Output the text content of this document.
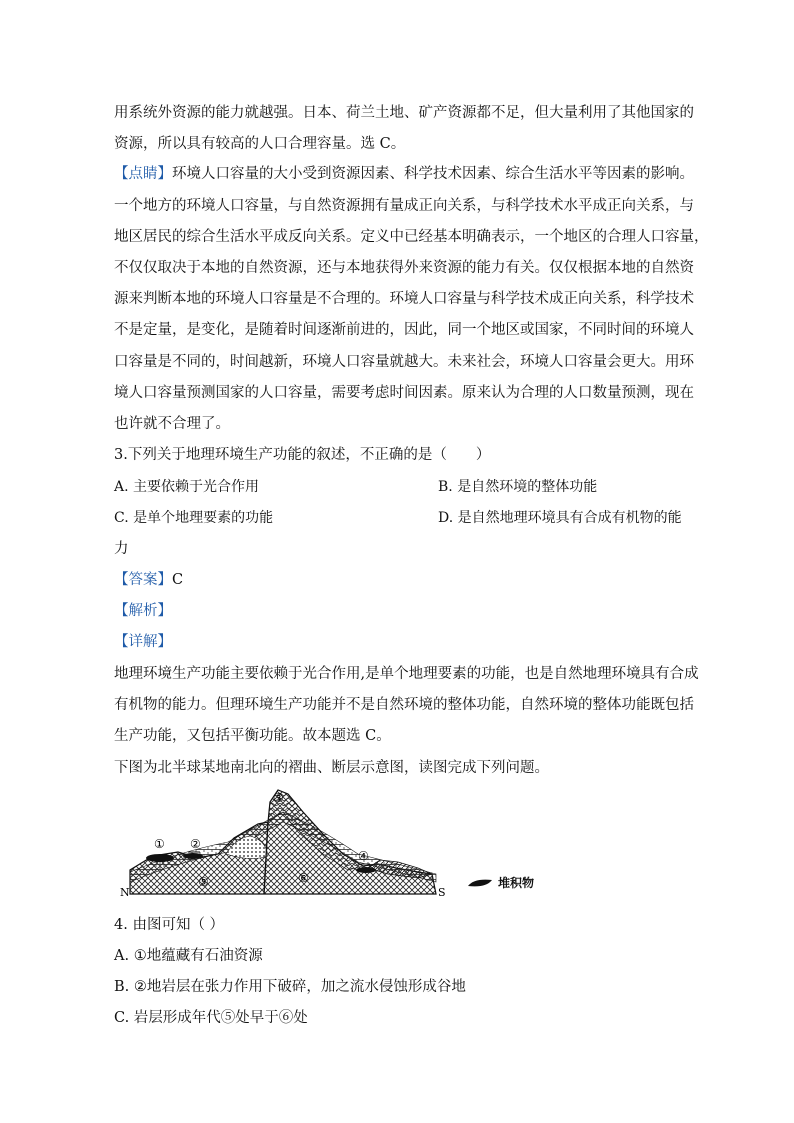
用系统外资源的能力就越强。日本、荷兰土地、矿产资源都不足，但大量利用了其他国家的
资源，所以具有较高的人口合理容量。选 C。
【点睛】环境人口容量的大小受到资源因素、科学技术因素、综合生活水平等因素的影响。
一个地方的环境人口容量，与自然资源拥有量成正向关系，与科学技术水平成正向关系，与
地区居民的综合生活水平成反向关系。定义中已经基本明确表示，一个地区的合理人口容量，
不仅仅取决于本地的自然资源，还与本地获得外来资源的能力有关。仅仅根据本地的自然资
源来判断本地的环境人口容量是不合理的。环境人口容量与科学技术成正向关系，科学技术
不是定量，是变化，是随着时间逐渐前进的，因此，同一个地区或国家，不同时间的环境人
口容量是不同的，时间越新，环境人口容量就越大。未来社会，环境人口容量会更大。用环
境人口容量预测国家的人口容量，需要考虑时间因素。原来认为合理的人口数量预测，现在
也许就不合理了。
3.下列关于地理环境生产功能的叙述，不正确的是（　　）
A. 主要依赖于光合作用	B. 是自然环境的整体功能
C. 是单个地理要素的功能	D. 是自然地理环境具有合成有机物的能
力
【答案】C
【解析】
【详解】
地理环境生产功能主要依赖于光合作用,是单个地理要素的功能，也是自然地理环境具有合成
有机物的能力。但理环境生产功能并不是自然环境的整体功能，自然环境的整体功能既包括
生产功能，又包括平衡功能。故本题选 C。
下图为北半球某地南北向的褶曲、断层示意图，读图完成下列问题。
① ②
③
④
⑤	⑥
N	S
堆积物
4. 由图可知（ ）
A. ①地蕴藏有石油资源
B. ②地岩层在张力作用下破碎，加之流水侵蚀形成谷地
C. 岩层形成年代⑤处早于⑥处
